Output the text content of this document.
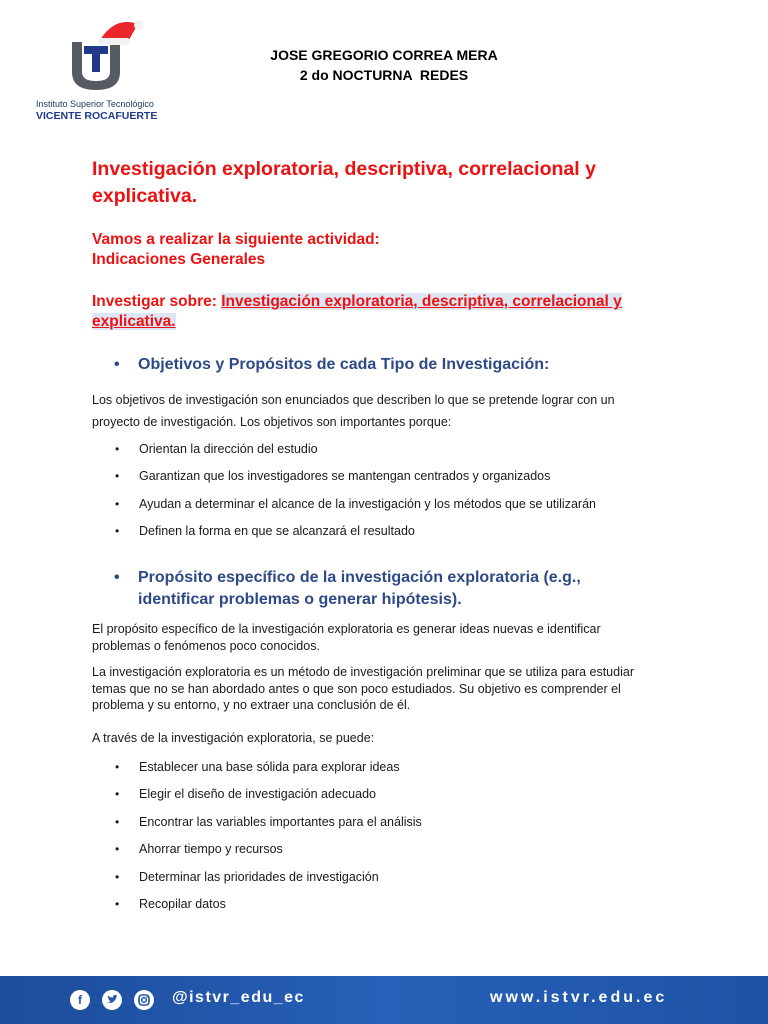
Instituto Superior Tecnológico
VICENTE ROCAFUERTE
JOSE GREGORIO CORREA MERA
2 do NOCTURNA  REDES
Investigación exploratoria, descriptiva, correlacional y explicativa.
Vamos a realizar la siguiente actividad:
Indicaciones Generales
Investigar sobre: Investigación exploratoria, descriptiva, correlacional y explicativa.
• Objetivos y Propósitos de cada Tipo de Investigación:
Los objetivos de investigación son enunciados que describen lo que se pretende lograr con un proyecto de investigación. Los objetivos son importantes porque:
• Orientan la dirección del estudio
• Garantizan que los investigadores se mantengan centrados y organizados
• Ayudan a determinar el alcance de la investigación y los métodos que se utilizarán
• Definen la forma en que se alcanzará el resultado
• Propósito específico de la investigación exploratoria (e.g., identificar problemas o generar hipótesis).
El propósito específico de la investigación exploratoria es generar ideas nuevas e identificar problemas o fenómenos poco conocidos.
La investigación exploratoria es un método de investigación preliminar que se utiliza para estudiar temas que no se han abordado antes o que son poco estudiados. Su objetivo es comprender el problema y su entorno, y no extraer una conclusión de él.
A través de la investigación exploratoria, se puede:
• Establecer una base sólida para explorar ideas
• Elegir el diseño de investigación adecuado
• Encontrar las variables importantes para el análisis
• Ahorrar tiempo y recursos
• Determinar las prioridades de investigación
• Recopilar datos
f	@istvr_edu_ec	www.istvr.edu.ec
